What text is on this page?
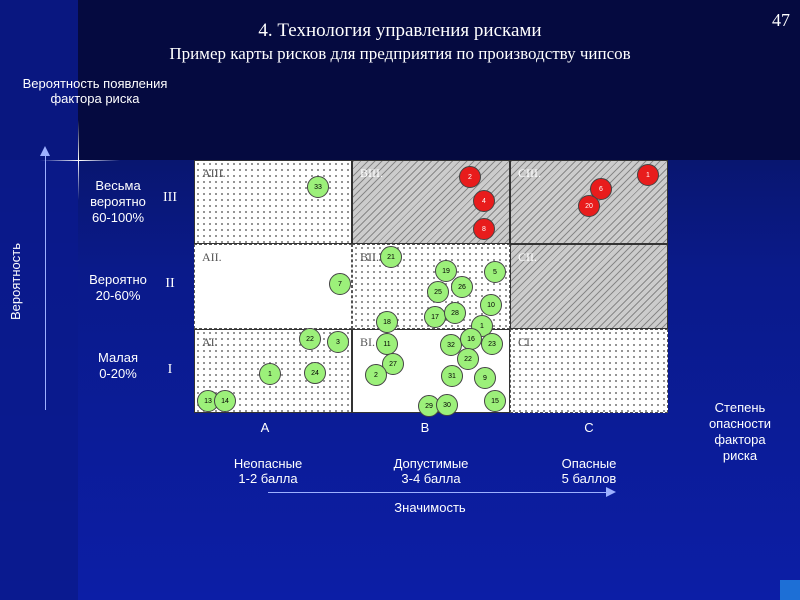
4. Технология управления рисками
Пример карты рисков для предприятия по производству чипсов
47
Вероятность появления
фактора риска
Вероятность
Весьма
вероятно
60-100%
III
Вероятно
20-60%
II
Малая
0-20%	I
AIII.	BIII.	CIII.
AII.	BII.	CII.
AI.	BI.	CI.
33
2
4
8
1
6
20
7
21
19	5
25
26
10
17
28
18
1
22	3
1	24
13	14
11
27
2
32
16
23
22
31	9
15
29	30
A	B	C
Неопасные
1-2 балла
Допустимые
3-4 балла
Опасные
5 баллов
Значимость
Степень
опасности
фактора
риска
